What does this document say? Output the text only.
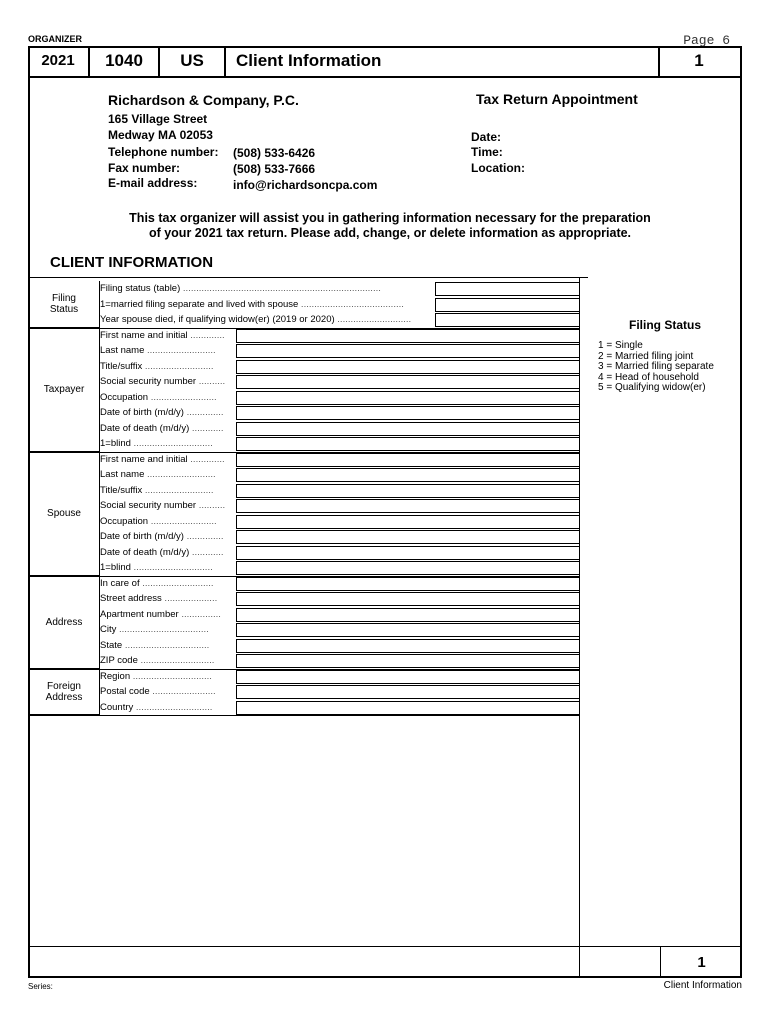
ORGANIZER	Page 6
2021	1040	US	Client Information	1
Richardson & Company, P.C.
165 Village Street
Medway MA 02053
Telephone number: (508) 533-6426
Fax number:	(508) 533-7666
E-mail address:	info@richardsoncpa.com
Tax Return Appointment
Date:
Time:
Location:
This tax organizer will assist you in gathering information necessary for the preparation
of your 2021 tax return. Please add, change, or delete information as appropriate.
CLIENT INFORMATION
Filing status (table) ...........................................................................
1=married filing separate and lived with spouse .......................................
Year spouse died, if qualifying widow(er) (2019 or 2020) ............................
Filing Status
First name and initial .............
Last name ..........................
Title/suffix ..........................
Social security number ..........
Occupation .........................
Date of birth (m/d/y) ..............
Date of death (m/d/y) ............
1=blind ..............................
Taxpayer
First name and initial .............
Last name ..........................
Title/suffix ..........................
Social security number ..........
Occupation .........................
Date of birth (m/d/y) ..............
Date of death (m/d/y) ............
1=blind ..............................
Spouse
In care of ...........................
Street address ....................
Apartment number ...............
City ..................................
State ................................
ZIP code ............................
Address
Region ..............................
Postal code ........................
Country .............................
Foreign Address
Filing Status
1 = Single
2 = Married filing joint
3 = Married filing separate
4 = Head of household
5 = Qualifying widow(er)
1
Series:	Client Information
